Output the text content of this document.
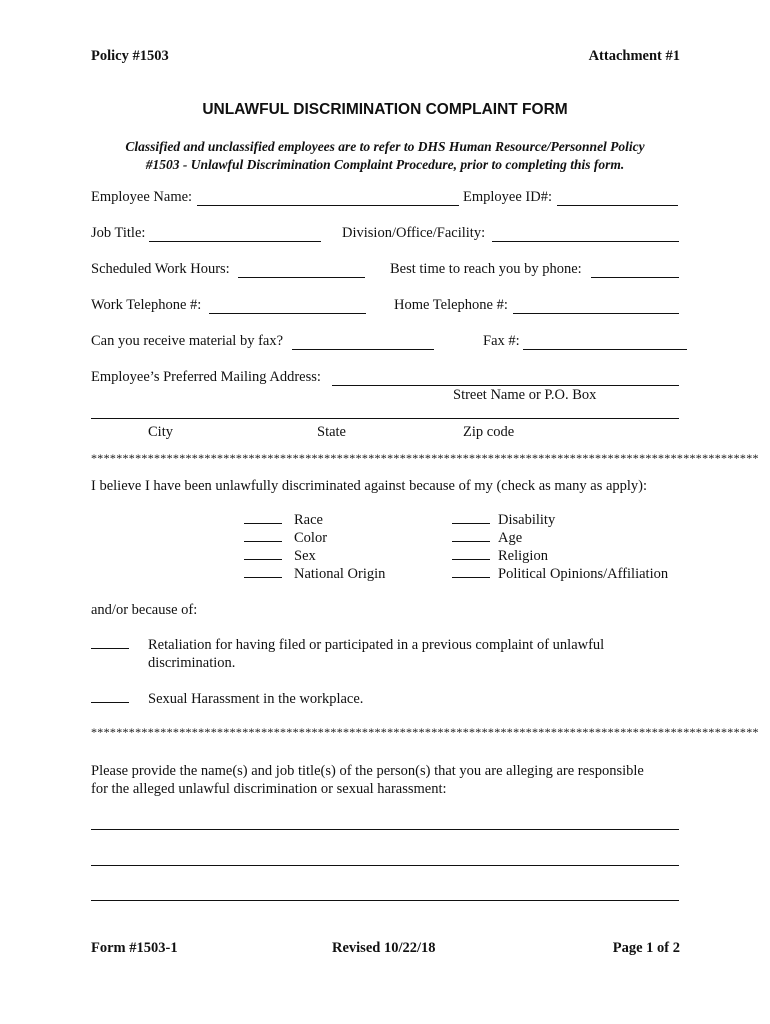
Policy #1503	Attachment #1
UNLAWFUL DISCRIMINATION COMPLAINT FORM
Classified and unclassified employees are to refer to DHS Human Resource/Personnel Policy
#1503 - Unlawful Discrimination Complaint Procedure, prior to completing this form.
Employee Name:	Employee ID#:
Job Title:	Division/Office/Facility:
Scheduled Work Hours:	Best time to reach you by phone:
Work Telephone #:	Home Telephone #:
Can you receive material by fax?	Fax #:
Employee’s Preferred Mailing Address:
Street Name or P.O. Box
City	State	Zip code
**********************************************************************************************************
I believe I have been unlawfully discriminated against because of my (check as many as apply):
Race
Color
Sex
National Origin
Disability
Age
Religion
Political Opinions/Affiliation
and/or because of:
Retaliation for having filed or participated in a previous complaint of unlawful
discrimination.
Sexual Harassment in the workplace.
**********************************************************************************************************
Please provide the name(s) and job title(s) of the person(s) that you are alleging are responsible
for the alleged unlawful discrimination or sexual harassment:
Form #1503-1	Revised 10/22/18	Page 1 of 2
